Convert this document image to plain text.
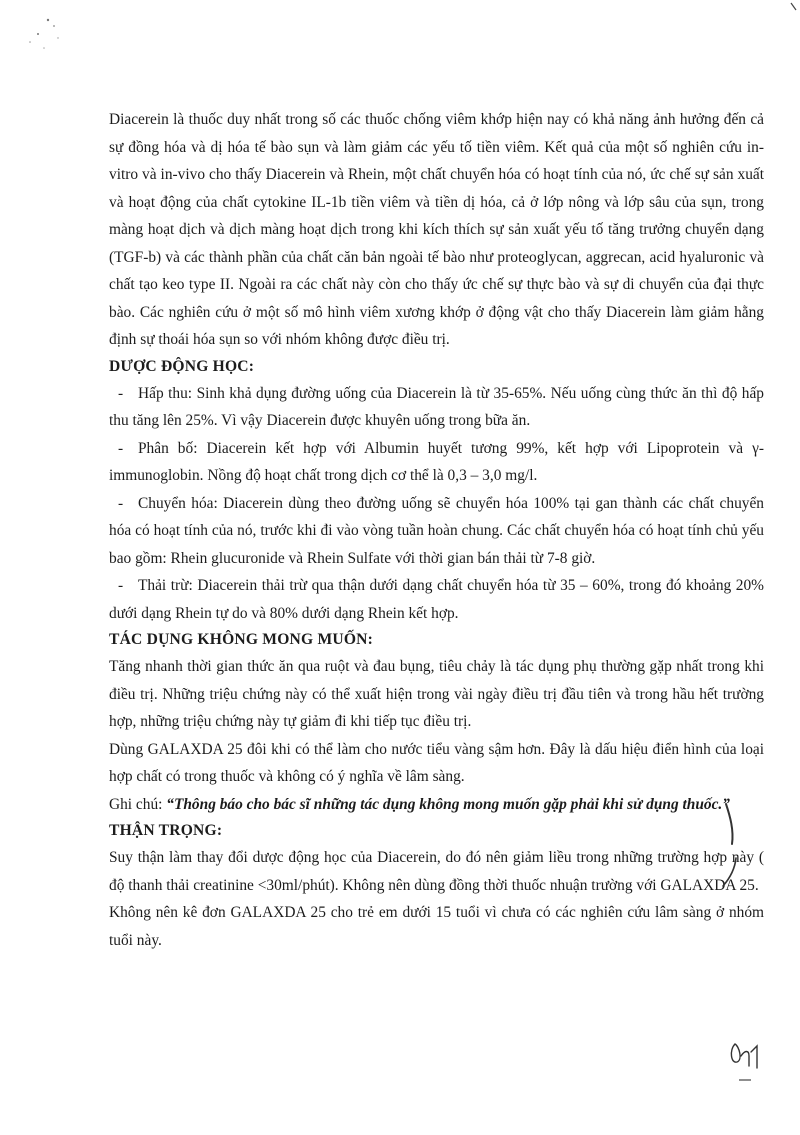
Diacerein là thuốc duy nhất trong số các thuốc chống viêm khớp hiện nay có khả năng ảnh hưởng đến cả sự đồng hóa và dị hóa tế bào sụn và làm giảm các yếu tố tiền viêm. Kết quả của một số nghiên cứu in-vitro và in-vivo cho thấy Diacerein và Rhein, một chất chuyển hóa có hoạt tính của nó, ức chế sự sản xuất và hoạt động của chất cytokine IL-1b tiền viêm và tiền dị hóa, cả ở lớp nông và lớp sâu của sụn, trong màng hoạt dịch và dịch màng hoạt dịch trong khi kích thích sự sản xuất yếu tố tăng trưởng chuyển dạng (TGF-b) và các thành phần của chất căn bản ngoài tế bào như proteoglycan, aggrecan, acid hyaluronic và chất tạo keo type II. Ngoài ra các chất này còn cho thấy ức chế sự thực bào và sự di chuyển của đại thực bào. Các nghiên cứu ở một số mô hình viêm xương khớp ở động vật cho thấy Diacerein làm giảm hằng định sự thoái hóa sụn so với nhóm không được điều trị.

DƯỢC ĐỘNG HỌC:

- Hấp thu: Sinh khả dụng đường uống của Diacerein là từ 35-65%. Nếu uống cùng thức ăn thì độ hấp thu tăng lên 25%. Vì vậy Diacerein được khuyên uống trong bữa ăn.

- Phân bố: Diacerein kết hợp với Albumin huyết tương 99%, kết hợp với Lipoprotein và γ-immunoglobin. Nồng độ hoạt chất trong dịch cơ thể là 0,3 – 3,0 mg/l.

- Chuyển hóa: Diacerein dùng theo đường uống sẽ chuyển hóa 100% tại gan thành các chất chuyển hóa có hoạt tính của nó, trước khi đi vào vòng tuần hoàn chung. Các chất chuyển hóa có hoạt tính chủ yếu bao gồm: Rhein glucuronide và Rhein Sulfate với thời gian bán thải từ 7-8 giờ.

- Thải trừ: Diacerein thải trừ qua thận dưới dạng chất chuyển hóa từ 35 – 60%, trong đó khoảng 20% dưới dạng Rhein tự do và 80% dưới dạng Rhein kết hợp.

TÁC DỤNG KHÔNG MONG MUỐN:

Tăng nhanh thời gian thức ăn qua ruột và đau bụng, tiêu chảy là tác dụng phụ thường gặp nhất trong khi điều trị. Những triệu chứng này có thể xuất hiện trong vài ngày điều trị đầu tiên và trong hầu hết trường hợp, những triệu chứng này tự giảm đi khi tiếp tục điều trị.

Dùng GALAXDA 25 đôi khi có thể làm cho nước tiểu vàng sậm hơn. Đây là dấu hiệu điển hình của loại hợp chất có trong thuốc và không có ý nghĩa về lâm sàng.

Ghi chú: “Thông báo cho bác sĩ những tác dụng không mong muốn gặp phải khi sử dụng thuốc.”

THẬN TRỌNG:

Suy thận làm thay đổi dược động học của Diacerein, do đó nên giảm liều trong những trường hợp này ( độ thanh thải creatinine <30ml/phút). Không nên dùng đồng thời thuốc nhuận trường với GALAXDA 25.

Không nên kê đơn GALAXDA 25 cho trẻ em dưới 15 tuổi vì chưa có các nghiên cứu lâm sàng ở nhóm tuổi này.
